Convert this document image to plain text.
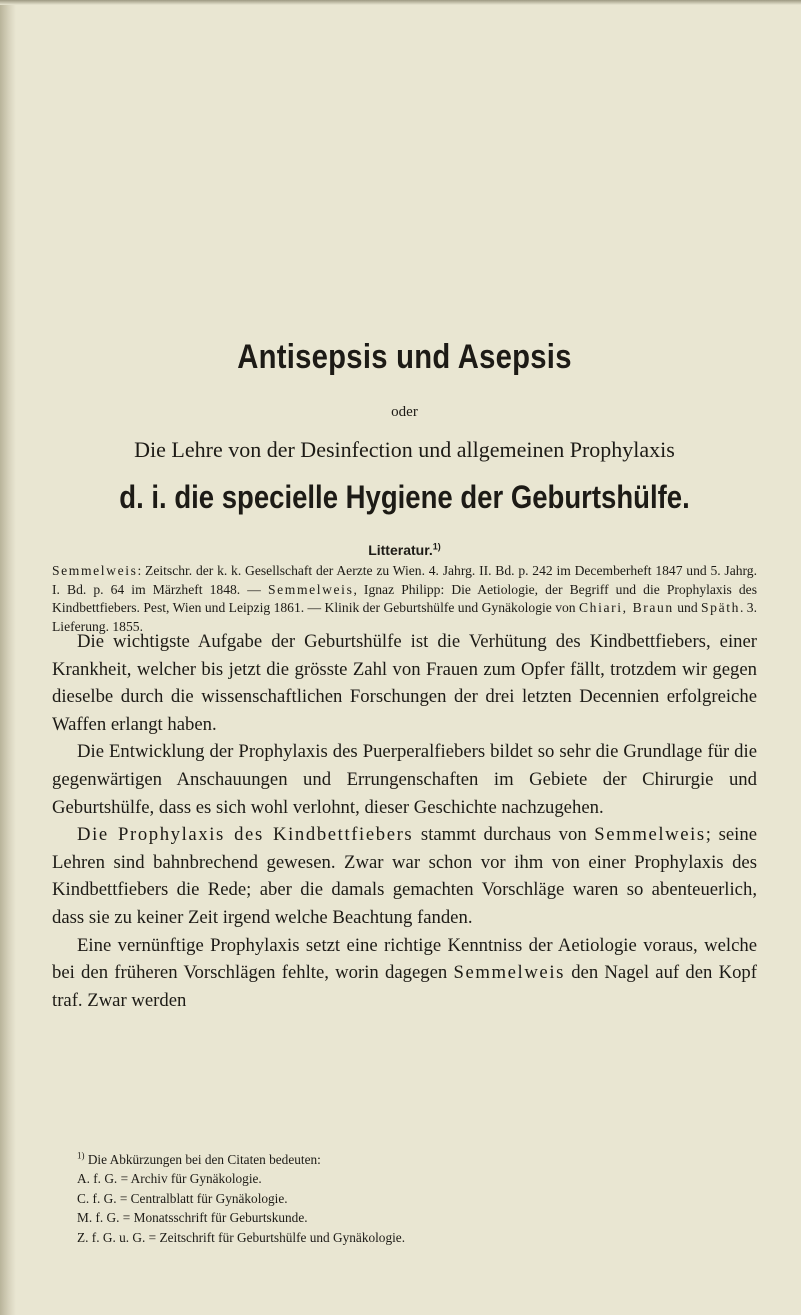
Antisepsis und Asepsis
oder
Die Lehre von der Desinfection und allgemeinen Prophylaxis
d. i. die specielle Hygiene der Geburtshülfe.
Litteratur.$^{1)}$
Semmelweis: Zeitschr. der k. k. Gesellschaft der Aerzte zu Wien. 4. Jahrg. II. Bd. p. 242 im Decemberheft 1847 und 5. Jahrg. I. Bd. p. 64 im Märzheft 1848. — Semmelweis, Ignaz Philipp: Die Aetiologie, der Begriff und die Prophylaxis des Kindbettfiebers. Pest, Wien und Leipzig 1861. — Klinik der Geburtshülfe und Gynäkologie von Chiari, Braun und Späth. 3. Lieferung. 1855.

Die wichtigste Aufgabe der Geburtshülfe ist die Verhütung des Kindbettfiebers, einer Krankheit, welcher bis jetzt die grösste Zahl von Frauen zum Opfer fällt, trotzdem wir gegen dieselbe durch die wissenschaftlichen Forschungen der drei letzten Decennien erfolgreiche Waffen erlangt haben.

Die Entwicklung der Prophylaxis des Puerperalfiebers bildet so sehr die Grundlage für die gegenwärtigen Anschauungen und Errungenschaften im Gebiete der Chirurgie und Geburtshülfe, dass es sich wohl verlohnt, dieser Geschichte nachzugehen.

Die Prophylaxis des Kindbettfiebers stammt durchaus von Semmelweis; seine Lehren sind bahnbrechend gewesen. Zwar war schon vor ihm von einer Prophylaxis des Kindbettfiebers die Rede; aber die damals gemachten Vorschläge waren so abenteuerlich, dass sie zu keiner Zeit irgend welche Beachtung fanden.

Eine vernünftige Prophylaxis setzt eine richtige Kenntniss der Aetiologie voraus, welche bei den früheren Vorschlägen fehlte, worin dagegen Semmelweis den Nagel auf den Kopf traf. Zwar werden

$^{1)}$ Die Abkürzungen bei den Citaten bedeuten:
A. f. G. = Archiv für Gynäkologie.
C. f. G. = Centralblatt für Gynäkologie.
M. f. G. = Monatsschrift für Geburtskunde.
Z. f. G. u. G. = Zeitschrift für Geburtshülfe und Gynäkologie.
